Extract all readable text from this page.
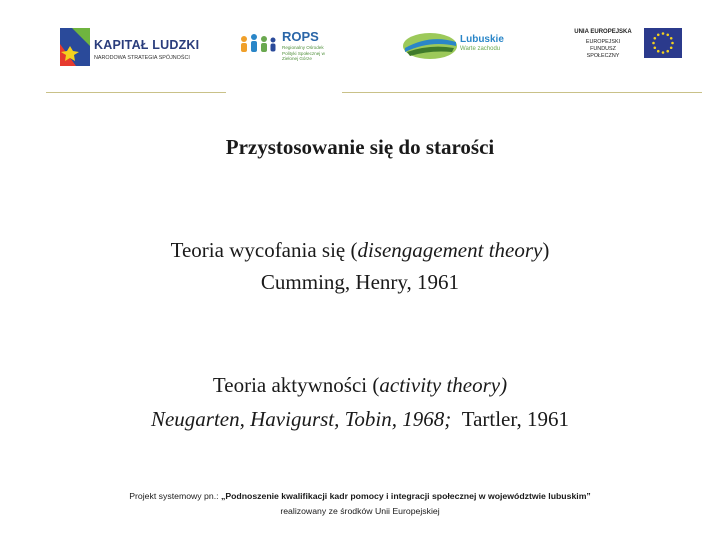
KAPITAŁ LUDZKI
NARODOWA STRATEGIA SPÓJNOŚCI
ROPS
Regionalny Ośrodek Polityki Społecznej w Zielonej Górze
Lubuskie
Warte zachodu
UNIA EUROPEJSKA
EUROPEJSKI
FUNDUSZ
SPOŁECZNY
Przystosowanie się do starości
Teoria wycofania się (disengagement theory)
Cumming, Henry, 1961
Teoria aktywności (activity theory)
Neugarten, Havigurst, Tobin, 1968; Tartler, 1961
Projekt systemowy pn.: „Podnoszenie kwalifikacji kadr pomocy i integracji społecznej w województwie lubuskim”
realizowany ze środków Unii Europejskiej
